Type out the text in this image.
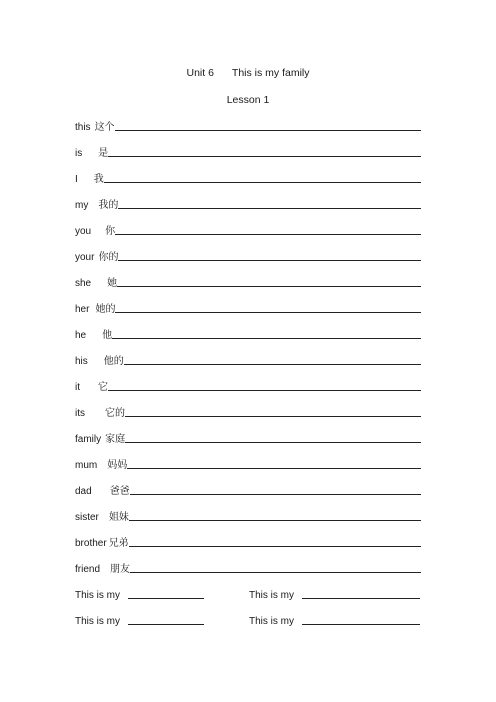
Unit 6 This is my family
Lesson 1
this 这个
is 是
I 我
my 我的
you 你
your 你的
she 她
her 她的
he 他
his 他的
it 它
its 它的
family 家庭
mum 妈妈
dad 爸爸
sister 姐妹
brother 兄弟
friend 朋友
This is my	This is my
This is my	This is my
